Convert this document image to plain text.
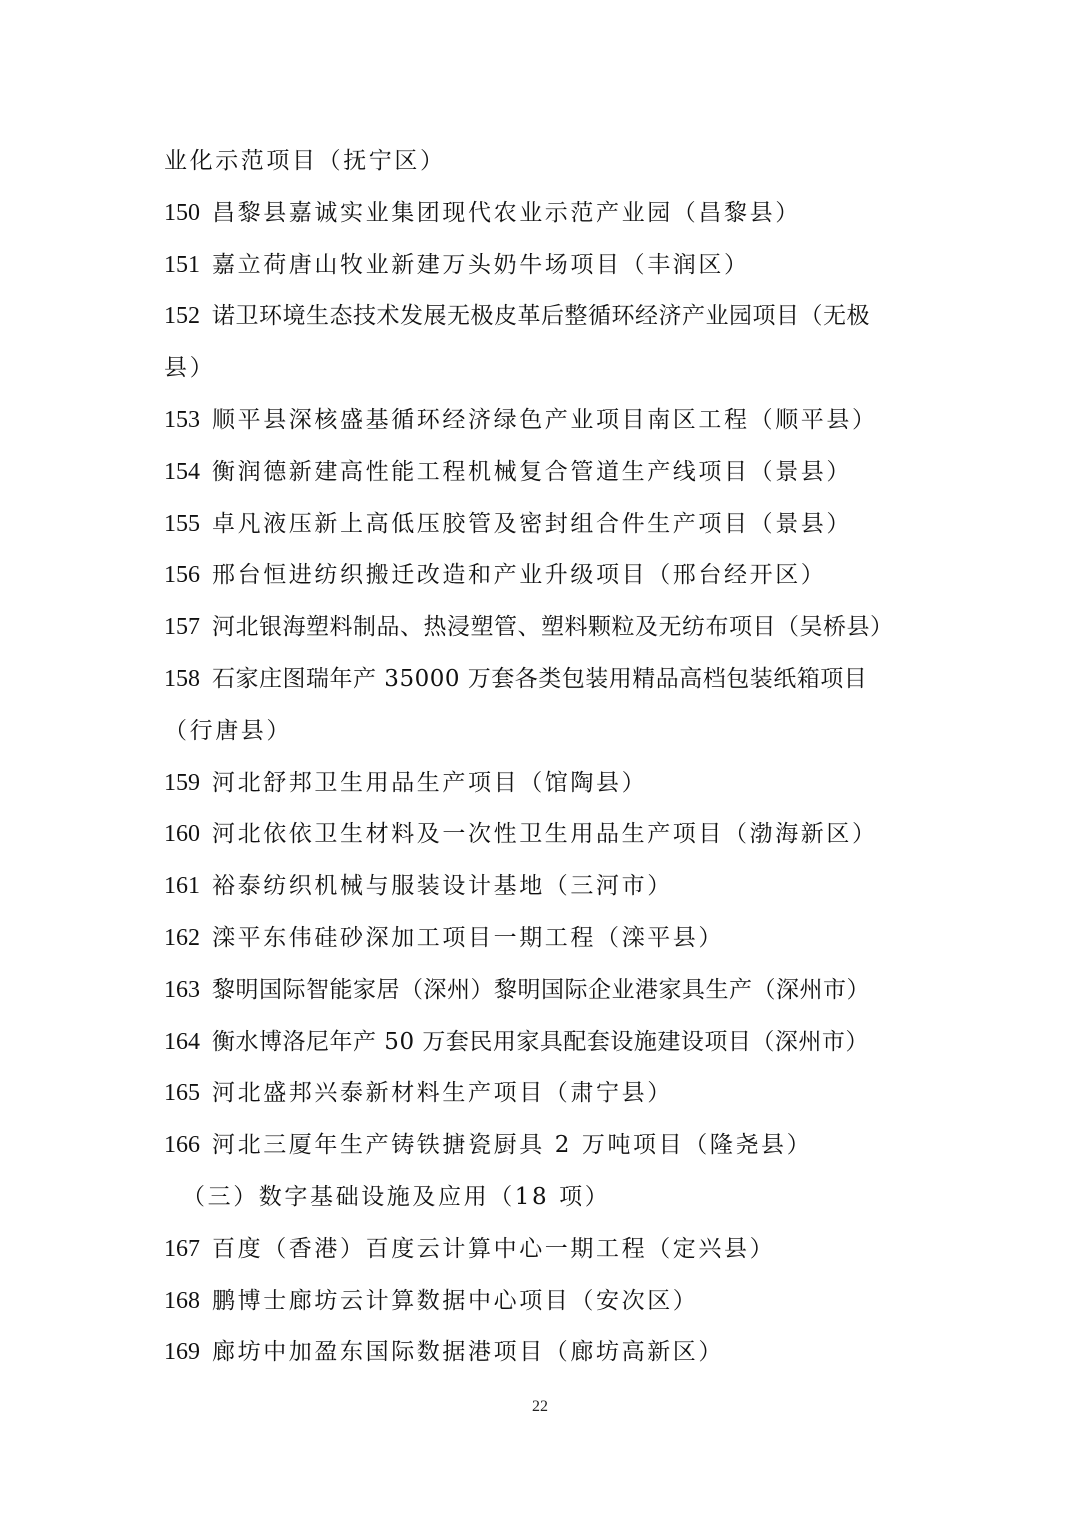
业化示范项目（抚宁区）
150 昌黎县嘉诚实业集团现代农业示范产业园（昌黎县）
151 嘉立荷唐山牧业新建万头奶牛场项目（丰润区）
152 诺卫环境生态技术发展无极皮革后整循环经济产业园项目（无极
县）
153 顺平县深核盛基循环经济绿色产业项目南区工程（顺平县）
154 衡润德新建高性能工程机械复合管道生产线项目（景县）
155 卓凡液压新上高低压胶管及密封组合件生产项目（景县）
156 邢台恒进纺织搬迁改造和产业升级项目（邢台经开区）
157 河北银海塑料制品、热浸塑管、塑料颗粒及无纺布项目（吴桥县）
158 石家庄图瑞年产 35000 万套各类包装用精品高档包装纸箱项目
（行唐县）
159 河北舒邦卫生用品生产项目（馆陶县）
160 河北依依卫生材料及一次性卫生用品生产项目（渤海新区）
161 裕泰纺织机械与服装设计基地（三河市）
162 滦平东伟硅砂深加工项目一期工程（滦平县）
163 黎明国际智能家居（深州）黎明国际企业港家具生产（深州市）
164 衡水博洛尼年产 50 万套民用家具配套设施建设项目（深州市）
165 河北盛邦兴泰新材料生产项目（肃宁县）
166 河北三厦年生产铸铁搪瓷厨具 2 万吨项目（隆尧县）
（三）数字基础设施及应用（18 项）
167 百度（香港）百度云计算中心一期工程（定兴县）
168 鹏博士廊坊云计算数据中心项目（安次区）
169 廊坊中加盈东国际数据港项目（廊坊高新区）
22
